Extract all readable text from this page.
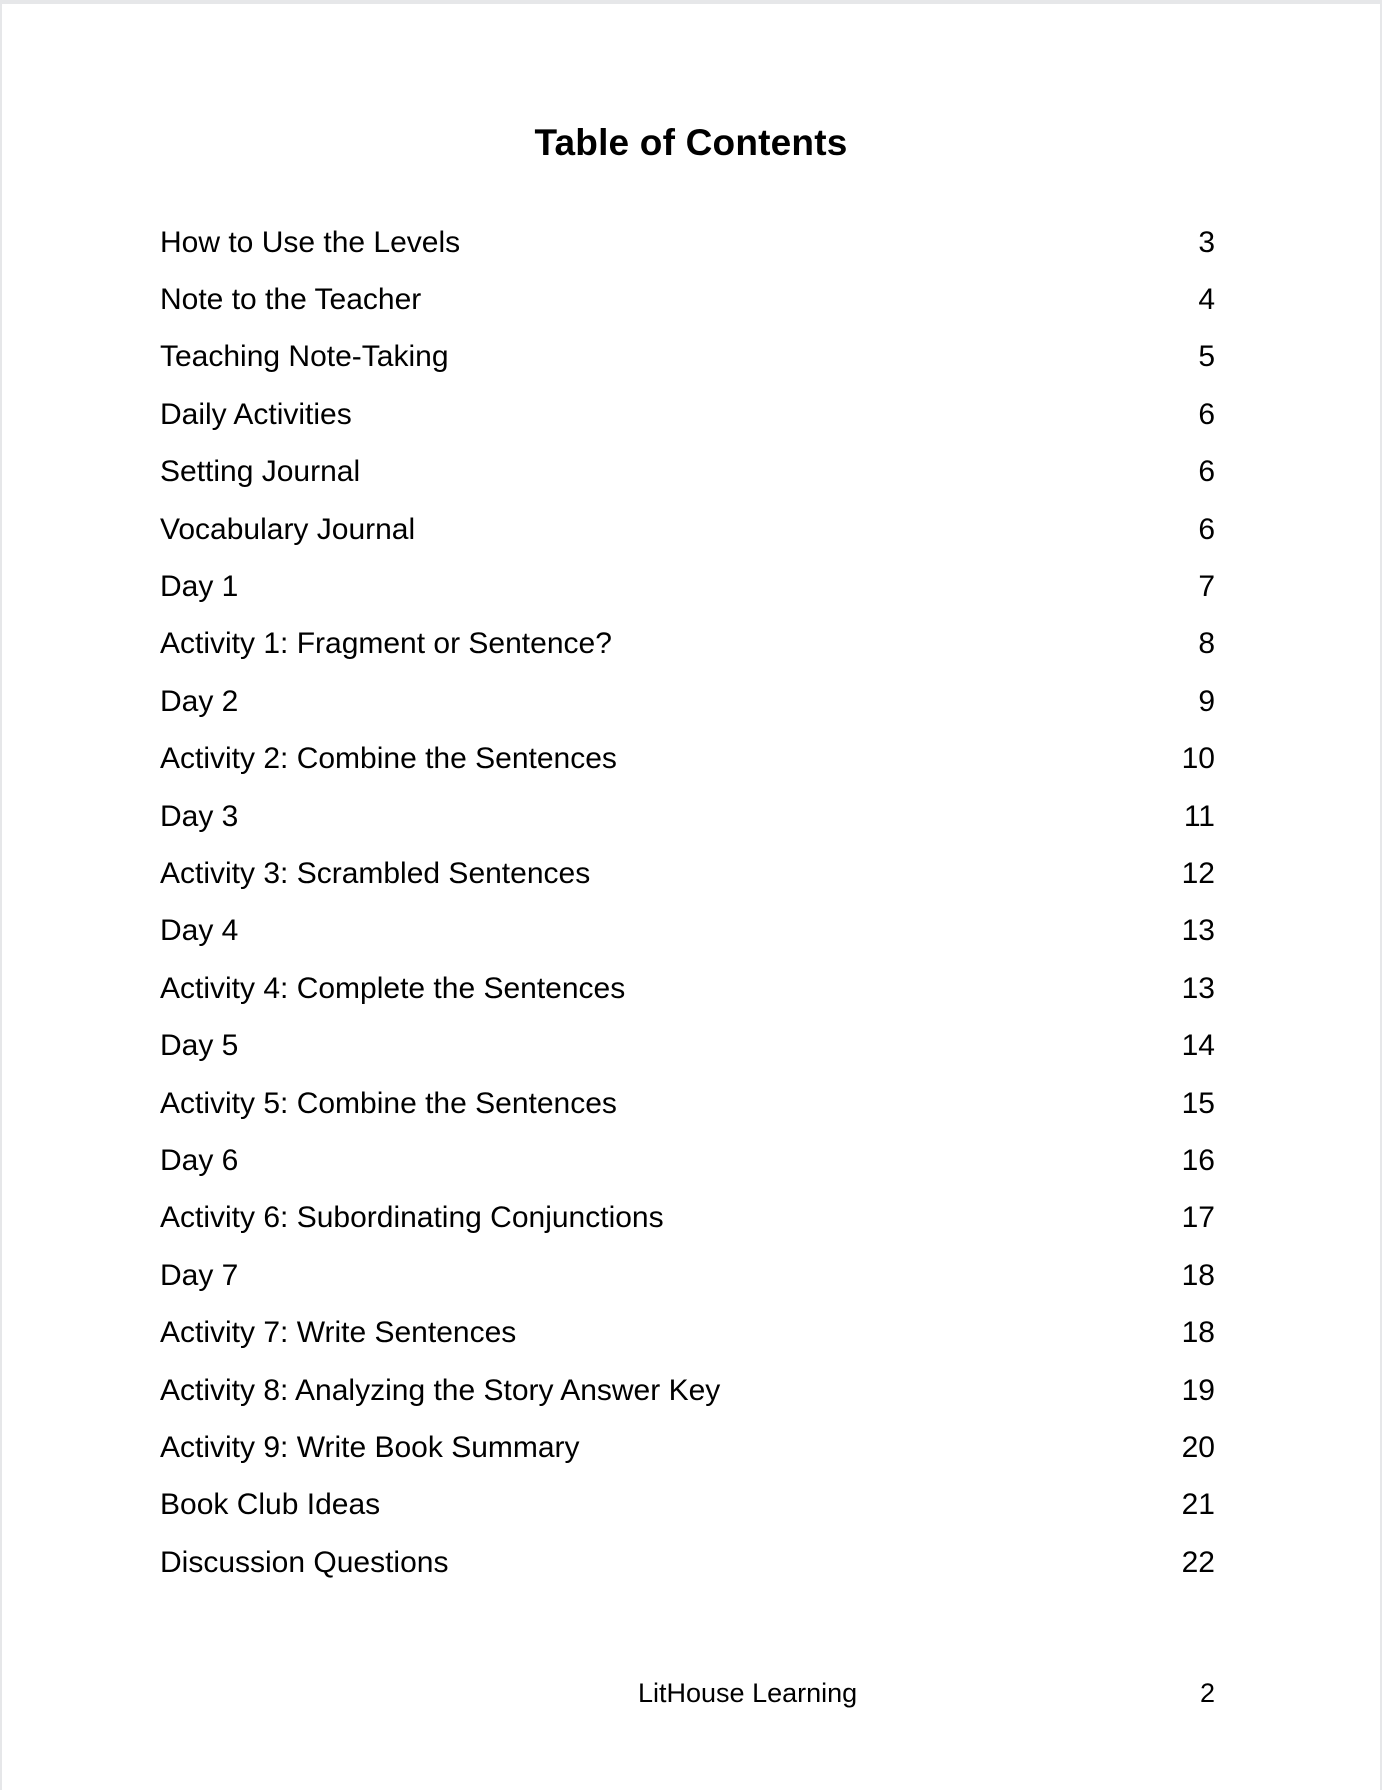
Table of Contents
How to Use the Levels	3
Note to the Teacher	4
Teaching Note-Taking	5
Daily Activities	6
Setting Journal	6
Vocabulary Journal	6
Day 1	7
Activity 1: Fragment or Sentence?	8
Day 2	9
Activity 2: Combine the Sentences	10
Day 3	11
Activity 3: Scrambled Sentences	12
Day 4	13
Activity 4: Complete the Sentences	13
Day 5	14
Activity 5: Combine the Sentences	15
Day 6	16
Activity 6: Subordinating Conjunctions	17
Day 7	18
Activity 7: Write Sentences	18
Activity 8: Analyzing the Story Answer Key	19
Activity 9: Write Book Summary	20
Book Club Ideas	21
Discussion Questions	22
LitHouse Learning	2
